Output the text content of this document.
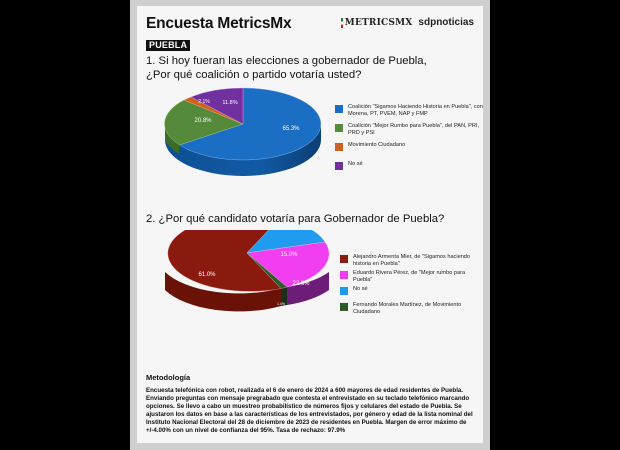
Encuesta MetricsMx	METRICSMX sdpnoticias
PUEBLA
1. Si hoy fueran las elecciones a gobernador de Puebla,
¿Por qué coalición o partido votaría usted?
65.3%
20.8%
2.1% 11.8%
Coalición "Sigamos Haciendo Historia en Puebla", con Morena, PT, PVEM, NAP y FMP
Coalición "Mejor Rumbo para Puebla", del PAN, PRI, PRD y PSI
Movimiento Ciudadano
No sé
2. ¿Por qué candidato votaría para Gobernador de Puebla?
61.0%
15.0%
22.6%
1.4%
Alejandro Armenta Mier, de "Sigamos haciendo historia en Puebla"
Eduardo Rivera Pérez, de "Mejor rumbo para Puebla"
No sé
Fernando Morales Martínez, de Movimiento Ciudadano
Metodología
Encuesta telefónica con robot, realizada el 6 de enero de 2024 a 600 mayores de edad residentes de Puebla. Enviando preguntas con mensaje pregrabado que contesta el entrevistado en su teclado telefónico marcando opciones. Se llevo a cabo un muestreo probabilístico de números fijos y celulares del estado de Puebla. Se ajustaron los datos en base a las características de los entrevistados, por género y edad de la lista nominal del Instituto Nacional Electoral del 28 de diciembre de 2023 de residentes en Puebla. Margen de error máximo de +/-4.00% con un nivel de confianza del 95%. Tasa de rechazo: 97.9%
